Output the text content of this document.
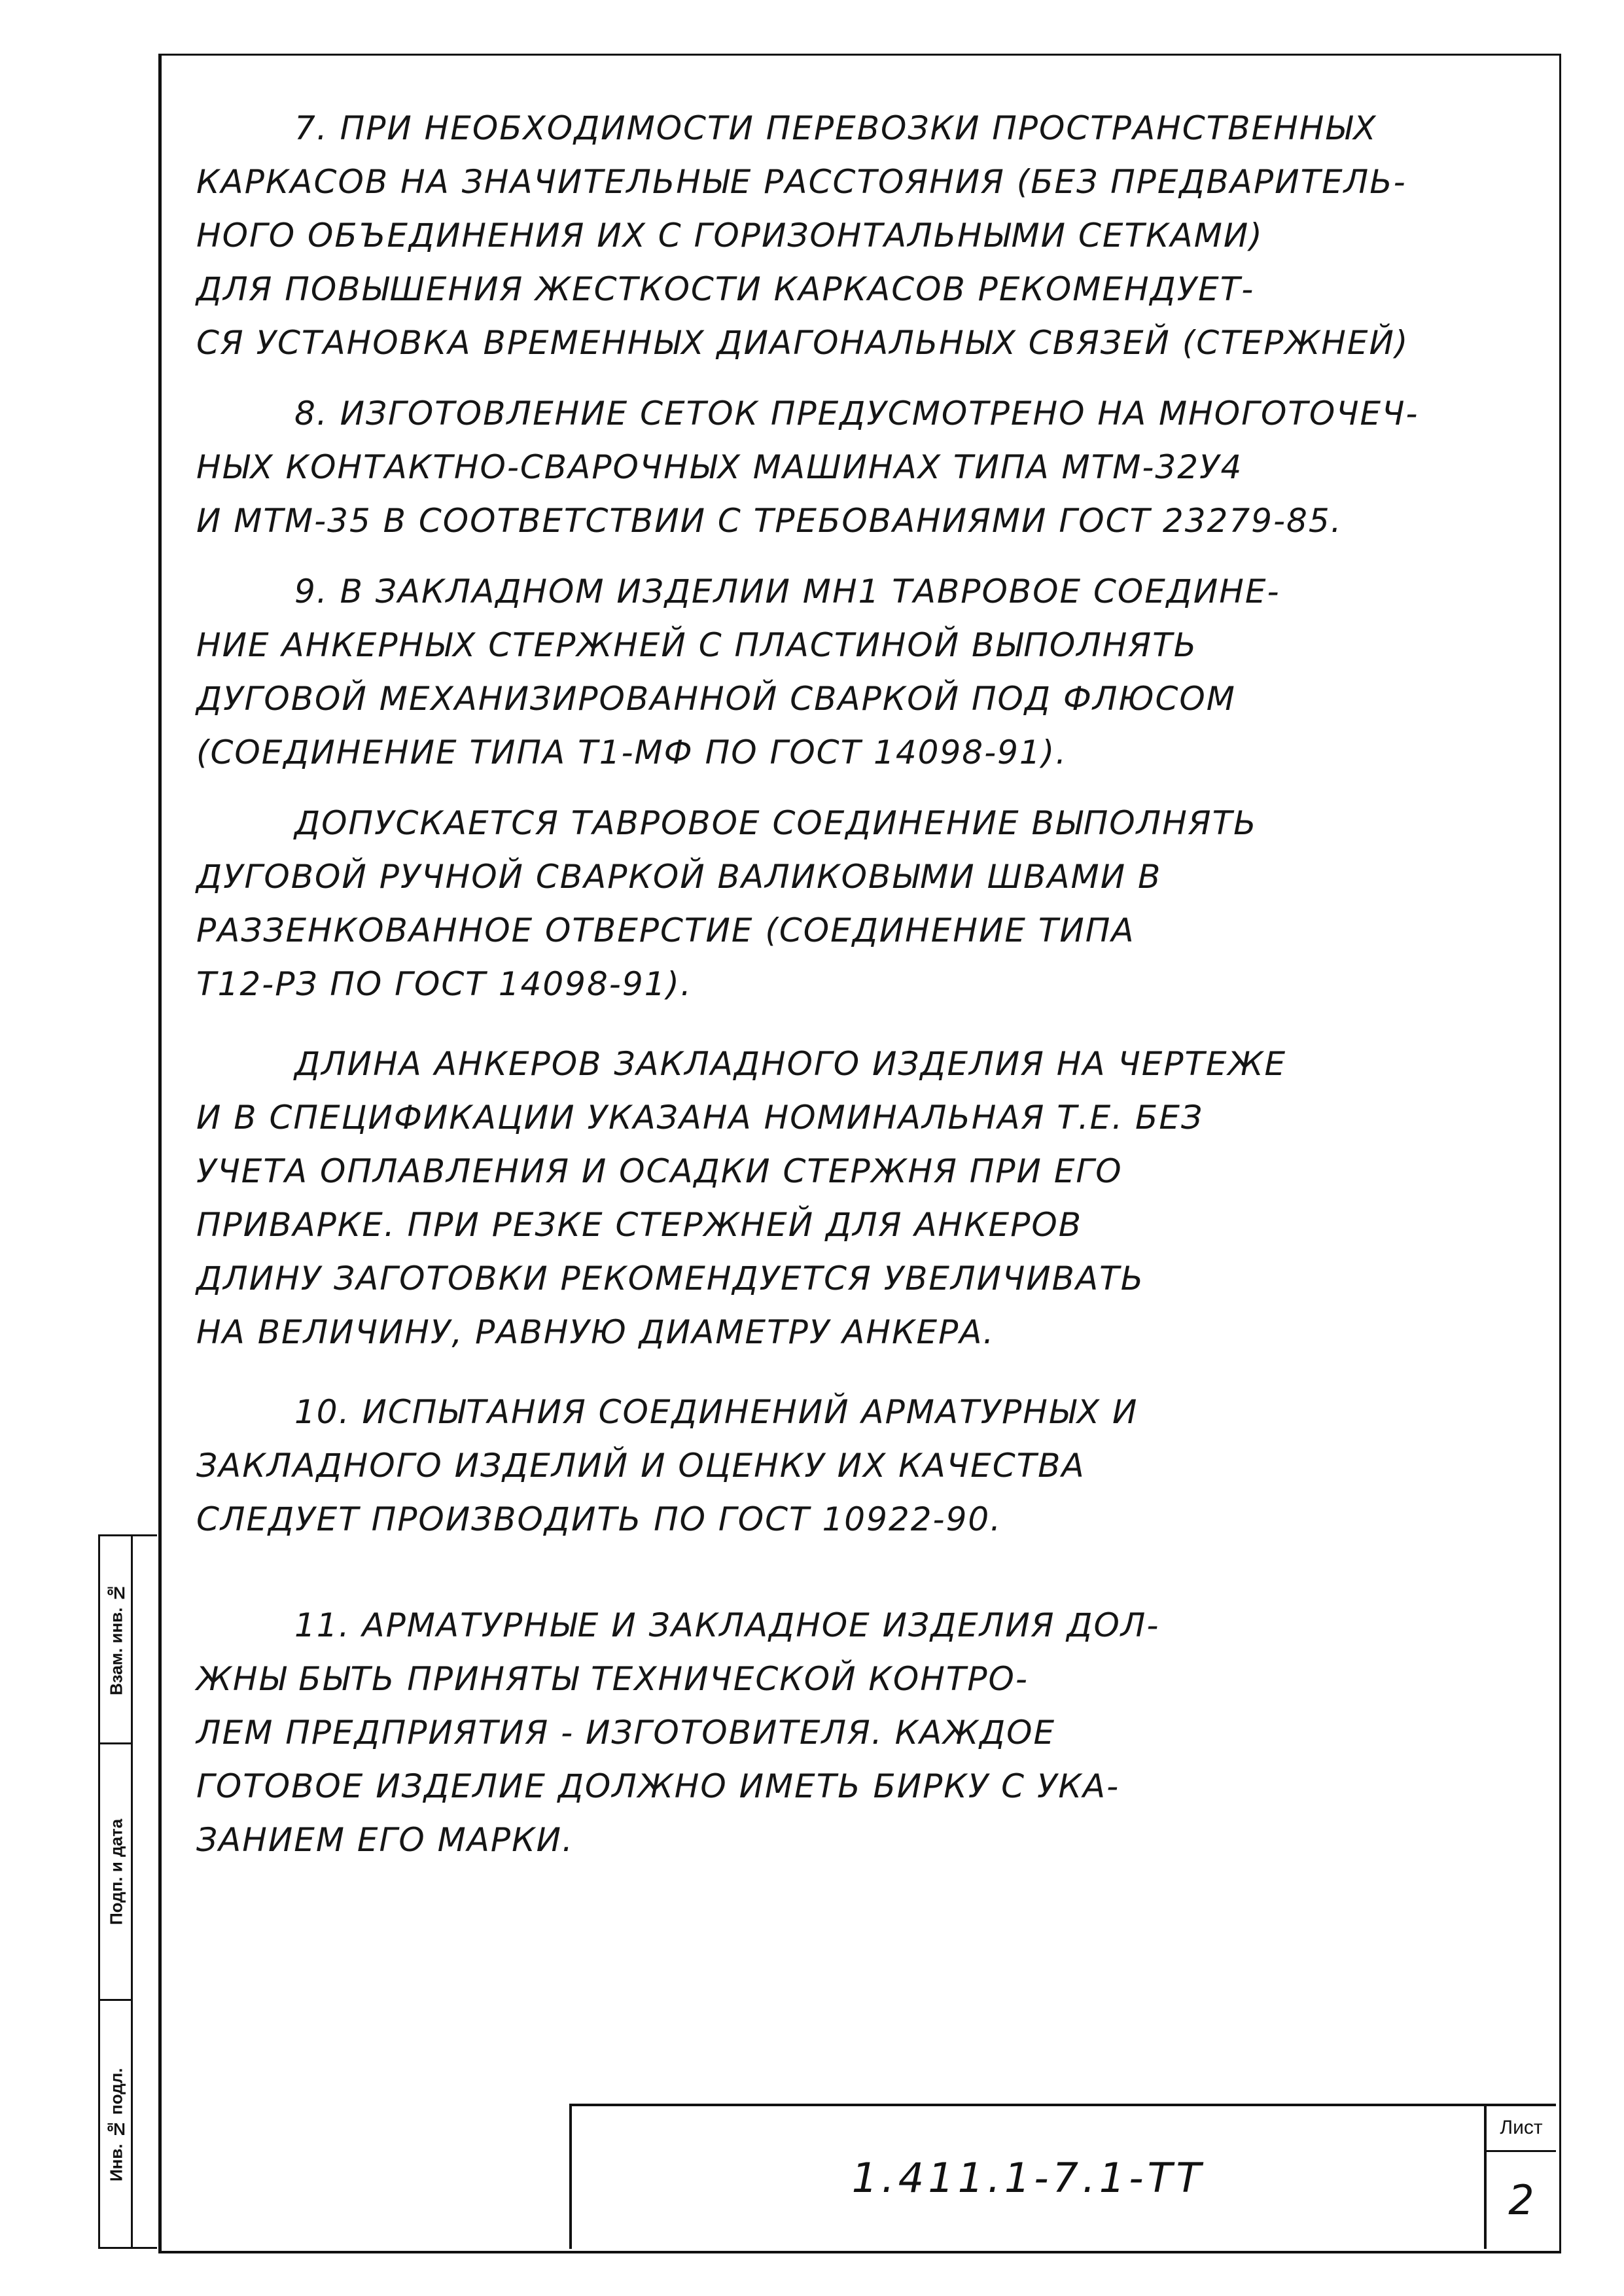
7. ПРИ НЕОБХОДИМОСТИ ПЕРЕВОЗКИ ПРОСТРАНСТВЕННЫХ
КАРКАСОВ НА ЗНАЧИТЕЛЬНЫЕ РАССТОЯНИЯ (БЕЗ ПРЕДВАРИТЕЛЬ-
НОГО ОБЪЕДИНЕНИЯ ИХ С ГОРИЗОНТАЛЬНЫМИ СЕТКАМИ)
ДЛЯ ПОВЫШЕНИЯ ЖЕСТКОСТИ КАРКАСОВ РЕКОМЕНДУЕТ-
СЯ УСТАНОВКА ВРЕМЕННЫХ ДИАГОНАЛЬНЫХ СВЯЗЕЙ (СТЕРЖНЕЙ)
8. ИЗГОТОВЛЕНИЕ СЕТОК ПРЕДУСМОТРЕНО НА МНОГОТОЧЕЧ-
НЫХ КОНТАКТНО-СВАРОЧНЫХ МАШИНАХ ТИПА МТМ-32У4
И МТМ-35 В СООТВЕТСТВИИ С ТРЕБОВАНИЯМИ ГОСТ 23279-85.
9. В ЗАКЛАДНОМ ИЗДЕЛИИ МН1 ТАВРОВОЕ СОЕДИНЕ-
НИЕ АНКЕРНЫХ СТЕРЖНЕЙ С ПЛАСТИНОЙ ВЫПОЛНЯТЬ
ДУГОВОЙ МЕХАНИЗИРОВАННОЙ СВАРКОЙ ПОД ФЛЮСОМ
(СОЕДИНЕНИЕ ТИПА Т1-МФ ПО ГОСТ 14098-91).
ДОПУСКАЕТСЯ ТАВРОВОЕ СОЕДИНЕНИЕ ВЫПОЛНЯТЬ
ДУГОВОЙ РУЧНОЙ СВАРКОЙ ВАЛИКОВЫМИ ШВАМИ В
РАЗЗЕНКОВАННОЕ ОТВЕРСТИЕ (СОЕДИНЕНИЕ ТИПА
Т12-РЗ ПО ГОСТ 14098-91).
ДЛИНА АНКЕРОВ ЗАКЛАДНОГО ИЗДЕЛИЯ НА ЧЕРТЕЖЕ
И В СПЕЦИФИКАЦИИ УКАЗАНА НОМИНАЛЬНАЯ Т.Е. БЕЗ
УЧЕТА ОПЛАВЛЕНИЯ И ОСАДКИ СТЕРЖНЯ ПРИ ЕГО
ПРИВАРКЕ. ПРИ РЕЗКЕ СТЕРЖНЕЙ ДЛЯ АНКЕРОВ
ДЛИНУ ЗАГОТОВКИ РЕКОМЕНДУЕТСЯ УВЕЛИЧИВАТЬ
НА ВЕЛИЧИНУ, РАВНУЮ ДИАМЕТРУ АНКЕРА.
10. ИСПЫТАНИЯ СОЕДИНЕНИЙ АРМАТУРНЫХ И
ЗАКЛАДНОГО ИЗДЕЛИЙ И ОЦЕНКУ ИХ КАЧЕСТВА
СЛЕДУЕТ ПРОИЗВОДИТЬ ПО ГОСТ 10922-90.
11. АРМАТУРНЫЕ И ЗАКЛАДНОЕ ИЗДЕЛИЯ ДОЛ-
ЖНЫ БЫТЬ ПРИНЯТЫ ТЕХНИЧЕСКОЙ КОНТРО-
ЛЕМ ПРЕДПРИЯТИЯ - ИЗГОТОВИТЕЛЯ. КАЖДОЕ
ГОТОВОЕ ИЗДЕЛИЕ ДОЛЖНО ИМЕТЬ БИРКУ С УКА-
ЗАНИЕМ ЕГО МАРКИ.
Взам. инв. №
Подп. и дата
Инв. № подл.	1.411.1-7.1-ТТ
Лист
2
